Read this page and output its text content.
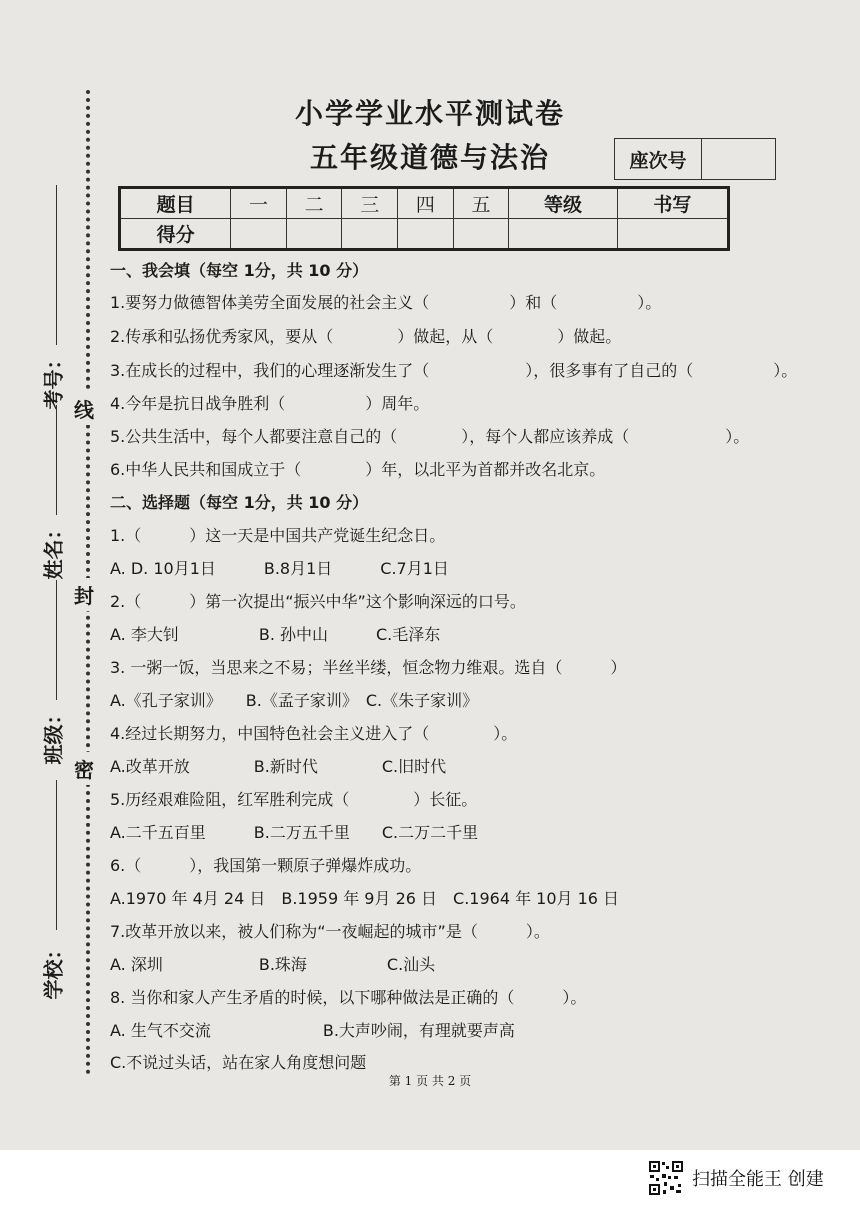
考号：
姓名：
班级：
学校：
线
封
密
小学学业水平测试卷
五年级道德与法治	座次号
题目	一	二	三	四	五	等级	书写
得分							
一、我会填（每空 1分，共 10 分）
1.要努力做德智体美劳全面发展的社会主义（　　　　　）和（　　　　　）。
2.传承和弘扬优秀家风，要从（　　　　）做起，从（　　　　）做起。
3.在成长的过程中，我们的心理逐渐发生了（　　　　　　），很多事有了自己的（　　　　　）。
4.今年是抗日战争胜利（　　　　　）周年。
5.公共生活中，每个人都要注意自己的（　　　　），每个人都应该养成（　　　　　　）。
6.中华人民共和国成立于（　　　　）年，以北平为首都并改名北京。
二、选择题（每空 1分，共 10 分）
1.（　　　）这一天是中国共产党诞生纪念日。
A. D. 10月1日　　　B.8月1日　　　C.7月1日
2.（　　　）第一次提出“振兴中华”这个影响深远的口号。
A. 李大钊　　　　　B. 孙中山　　　C.毛泽东
3. 一粥一饭，当思来之不易；半丝半缕，恒念物力维艰。选自（　　　）
A.《孔子家训》　　B.《孟子家训》　C.《朱子家训》
4.经过长期努力，中国特色社会主义进入了（　　　　）。
A.改革开放　　　　B.新时代　　　　C.旧时代
5.历经艰难险阻，红军胜利完成（　　　　）长征。
A.二千五百里　　　B.二万五千里　　C.二万二千里
6.（　　　），我国第一颗原子弹爆炸成功。
A.1970 年 4月 24 日　B.1959 年 9月 26 日　C.1964 年 10月 16 日
7.改革开放以来，被人们称为“一夜崛起的城市”是（　　　）。
A. 深圳　　　　　　B.珠海　　　　　C.汕头
8. 当你和家人产生矛盾的时候，以下哪种做法是正确的（　　　）。
A. 生气不交流　　　　　　　B.大声吵闹，有理就要声高
C.不说过头话，站在家人角度想问题
第 1 页 共 2 页
扫描全能王 创建
